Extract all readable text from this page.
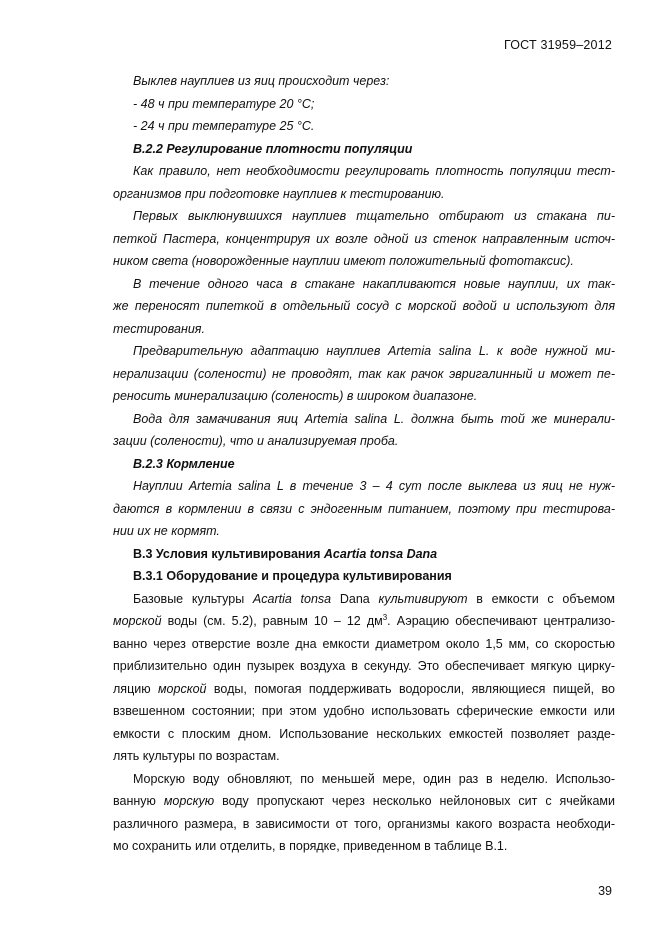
ГОСТ 31959–2012
Выклев науплиев из яиц происходит через:
- 48 ч при температуре 20 °С;
- 24 ч при температуре 25 °С.
В.2.2 Регулирование плотности популяции
Как правило, нет необходимости регулировать плотность популяции тест-
организмов при подготовке науплиев к тестированию.
Первых выклюнувшихся науплиев тщательно отбирают из стакана пи-
петкой Пастера, концентрируя их возле одной из стенок направленным источ-
ником света (новорожденные науплии имеют положительный фототаксис).
В течение одного часа в стакане накапливаются новые науплии, их так-
же переносят пипеткой в отдельный сосуд с морской водой и используют для
тестирования.
Предварительную адаптацию науплиев Artemia salina L. к воде нужной ми-
нерализации (солености) не проводят, так как рачок эвригалинный и может пе-
реносить минерализацию (соленость) в широком диапазоне.
Вода для замачивания яиц Artemia salina L. должна быть той же минерали-
зации (солености), что и анализируемая проба.
В.2.3 Кормление
Науплии Artemia salina L в течение 3 – 4 сут после выклева из яиц не нуж-
даются в кормлении в связи с эндогенным питанием, поэтому при тестирова-
нии их не кормят.
В.3 Условия культивирования Acartia tonsa Dana
В.3.1 Оборудование и процедура культивирования
Базовые культуры Acartia tonsa Dana культивируют в емкости с объемом
морской воды (см. 5.2), равным 10 – 12 $дм^3$. Аэрацию обеспечивают централизо-
ванно через отверстие возле дна емкости диаметром около 1,5 мм, со скоростью
приблизительно один пузырек воздуха в секунду. Это обеспечивает мягкую цирку-
ляцию морской воды, помогая поддерживать водоросли, являющиеся пищей, во
взвешенном состоянии; при этом удобно использовать сферические емкости или
емкости с плоским дном. Использование нескольких емкостей позволяет разде-
лять культуры по возрастам.
Морскую воду обновляют, по меньшей мере, один раз в неделю. Использо-
ванную морскую воду пропускают через несколько нейлоновых сит с ячейками
различного размера, в зависимости от того, организмы какого возраста необходи-
мо сохранить или отделить, в порядке, приведенном в таблице В.1.
39
